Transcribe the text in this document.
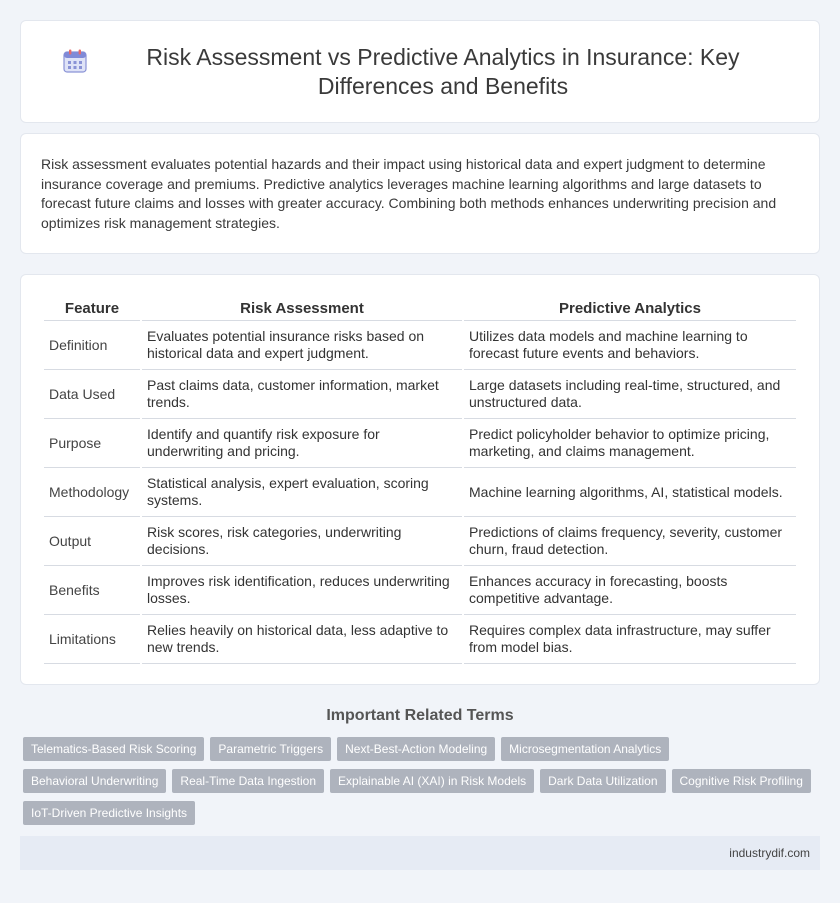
Risk Assessment vs Predictive Analytics in Insurance: Key Differences and Benefits

Risk assessment evaluates potential hazards and their impact using historical data and expert judgment to determine insurance coverage and premiums. Predictive analytics leverages machine learning algorithms and large datasets to forecast future claims and losses with greater accuracy. Combining both methods enhances underwriting precision and optimizes risk management strategies.

Feature	Risk Assessment	Predictive Analytics
Definition	Evaluates potential insurance risks based on historical data and expert judgment.	Utilizes data models and machine learning to forecast future events and behaviors.
Data Used	Past claims data, customer information, market trends.	Large datasets including real-time, structured, and unstructured data.
Purpose	Identify and quantify risk exposure for underwriting and pricing.	Predict policyholder behavior to optimize pricing, marketing, and claims management.
Methodology	Statistical analysis, expert evaluation, scoring systems.	Machine learning algorithms, AI, statistical models.
Output	Risk scores, risk categories, underwriting decisions.	Predictions of claims frequency, severity, customer churn, fraud detection.
Benefits	Improves risk identification, reduces underwriting losses.	Enhances accuracy in forecasting, boosts competitive advantage.
Limitations	Relies heavily on historical data, less adaptive to new trends.	Requires complex data infrastructure, may suffer from model bias.
Important Related Terms
Telematics-Based Risk Scoring	Parametric Triggers	Next-Best-Action Modeling	Microsegmentation Analytics
Behavioral Underwriting	Real-Time Data Ingestion	Explainable AI (XAI) in Risk Models	Dark Data Utilization	Cognitive Risk Profiling
IoT-Driven Predictive Insights
industrydif.com
